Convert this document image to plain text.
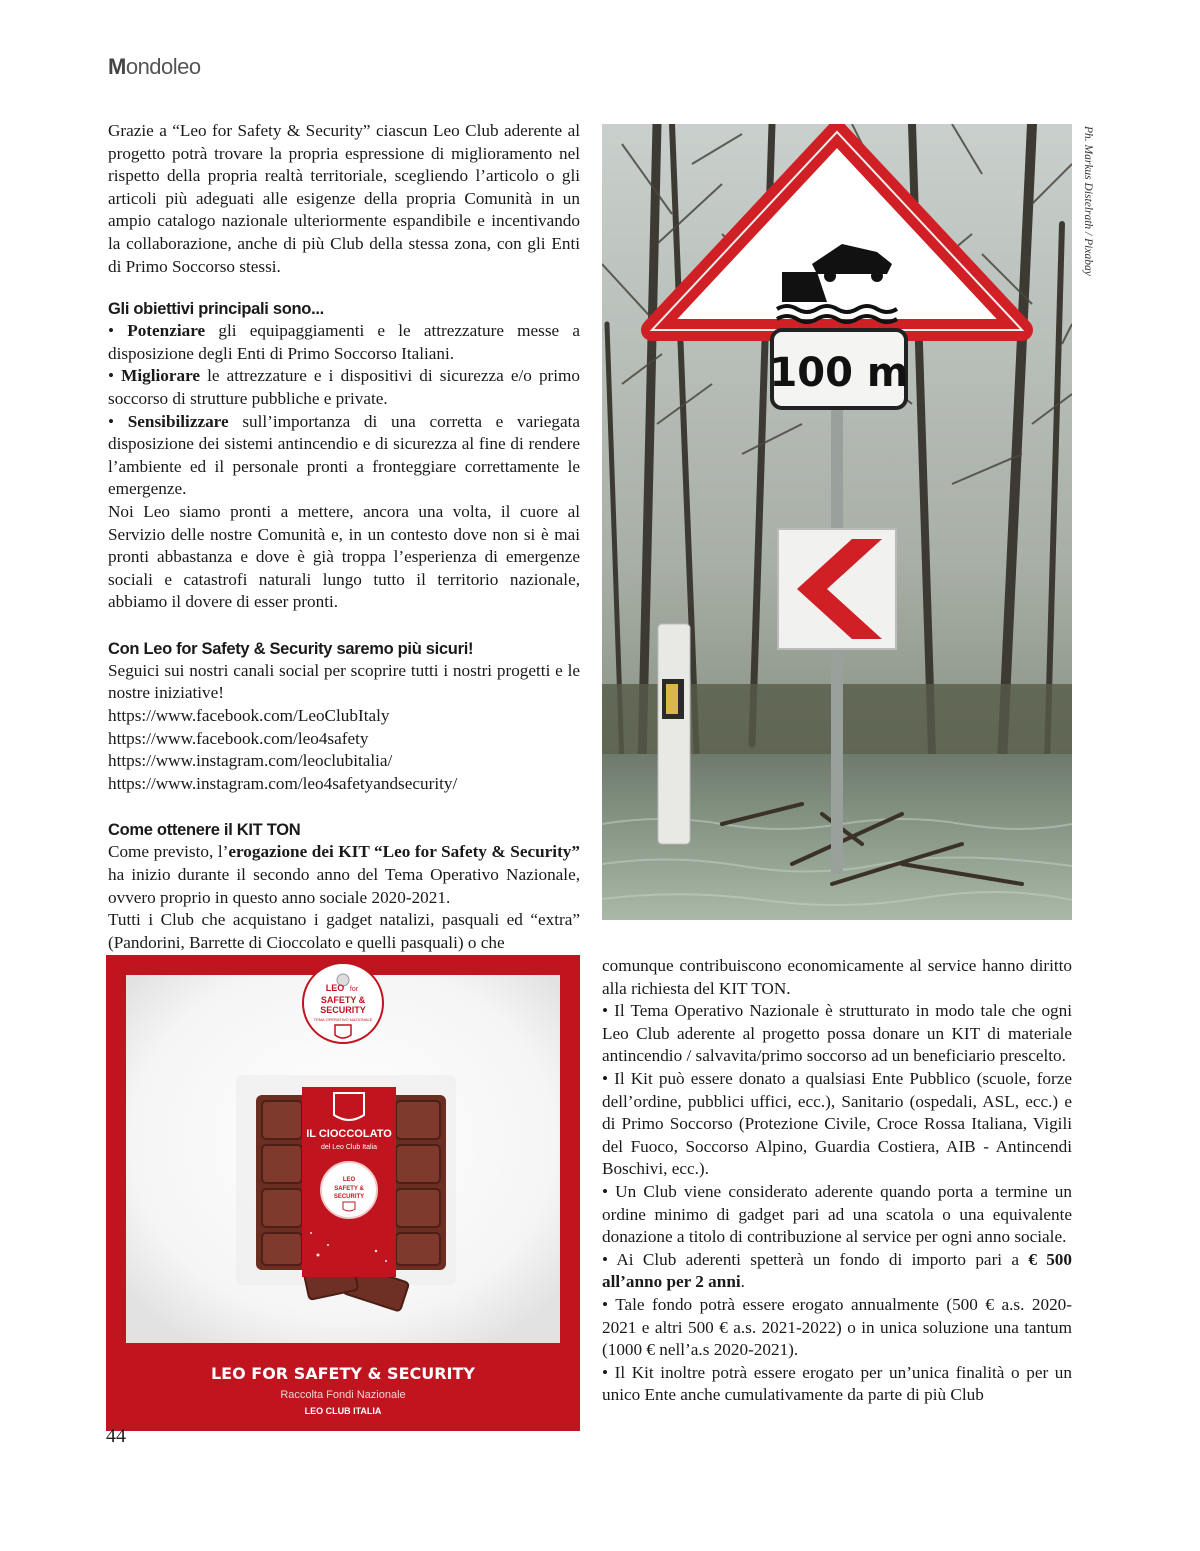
Mondoleo

Grazie a “Leo for Safety & Security” ciascun Leo Club aderente al progetto potrà trovare la propria espressione di miglioramento nel rispetto della propria realtà territoriale, scegliendo l’articolo o gli articoli più adeguati alle esigenze della propria Comunità in un ampio catalogo nazionale ulteriormente espandibile e incentivando la collaborazione, anche di più Club della stessa zona, con gli Enti di Primo Soccorso stessi.

Gli obiettivi principali sono...

• Potenziare gli equipaggiamenti e le attrezzature messe a disposizione degli Enti di Primo Soccorso Italiani.

• Migliorare le attrezzature e i dispositivi di sicurezza e/o primo soccorso di strutture pubbliche e private.

• Sensibilizzare sull’importanza di una corretta e variegata disposizione dei sistemi antincendio e di sicurezza al fine di rendere l’ambiente ed il personale pronti a fronteggiare correttamente le emergenze.

Noi Leo siamo pronti a mettere, ancora una volta, il cuore al Servizio delle nostre Comunità e, in un contesto dove non si è mai pronti abbastanza e dove è già troppa l’esperienza di emergenze sociali e catastrofi naturali lungo tutto il territorio nazionale, abbiamo il dovere di esser pronti.

Con Leo for Safety & Security saremo più sicuri!

Seguici sui nostri canali social per scoprire tutti i nostri progetti e le nostre iniziative!

https://www.facebook.com/LeoClubItaly

https://www.facebook.com/leo4safety

https://www.instagram.com/leoclubitalia/

https://www.instagram.com/leo4safetyandsecurity/

Come ottenere il KIT TON

Come previsto, l’erogazione dei KIT “Leo for Safety & Security” ha inizio durante il secondo anno del Tema Operativo Nazionale, ovvero proprio in questo anno sociale 2020-2021.

Tutti i Club che acquistano i gadget natalizi, pasquali ed “extra” (Pandorini, Barrette di Cioccolato e quelli pasquali) o che

100 m
Ph. Markus Distelrath / Pixabay
LEO for
SAFETY &
SECURITY
TEMA OPERATIVO NAZIONALE
IL CIOCCOLATO
del Leo Club Italia
LEO
SAFETY &
SECURITY
LEO FOR SAFETY & SECURITY
Raccolta Fondi Nazionale
LEO CLUB ITALIA

comunque contribuiscono economicamente al service hanno diritto alla richiesta del KIT TON.

• Il Tema Operativo Nazionale è strutturato in modo tale che ogni Leo Club aderente al progetto possa donare un KIT di materiale antincendio / salvavita/primo soccorso ad un beneficiario prescelto.

• Il Kit può essere donato a qualsiasi Ente Pubblico (scuole, forze dell’ordine, pubblici uffici, ecc.), Sanitario (ospedali, ASL, ecc.) e di Primo Soccorso (Protezione Civile, Croce Rossa Italiana, Vigili del Fuoco, Soccorso Alpino, Guardia Costiera, AIB - Antincendi Boschivi, ecc.).

• Un Club viene considerato aderente quando porta a termine un ordine minimo di gadget pari ad una scatola o una equivalente donazione a titolo di contribuzione al service per ogni anno sociale.

• Ai Club aderenti spetterà un fondo di importo pari a € 500 all’anno per 2 anni.

• Tale fondo potrà essere erogato annualmente (500 € a.s. 2020-2021 e altri 500 € a.s. 2021-2022) o in unica soluzione una tantum (1000 € nell’a.s 2020-2021).

• Il Kit inoltre potrà essere erogato per un’unica finalità o per un unico Ente anche cumulativamente da parte di più Club

44
